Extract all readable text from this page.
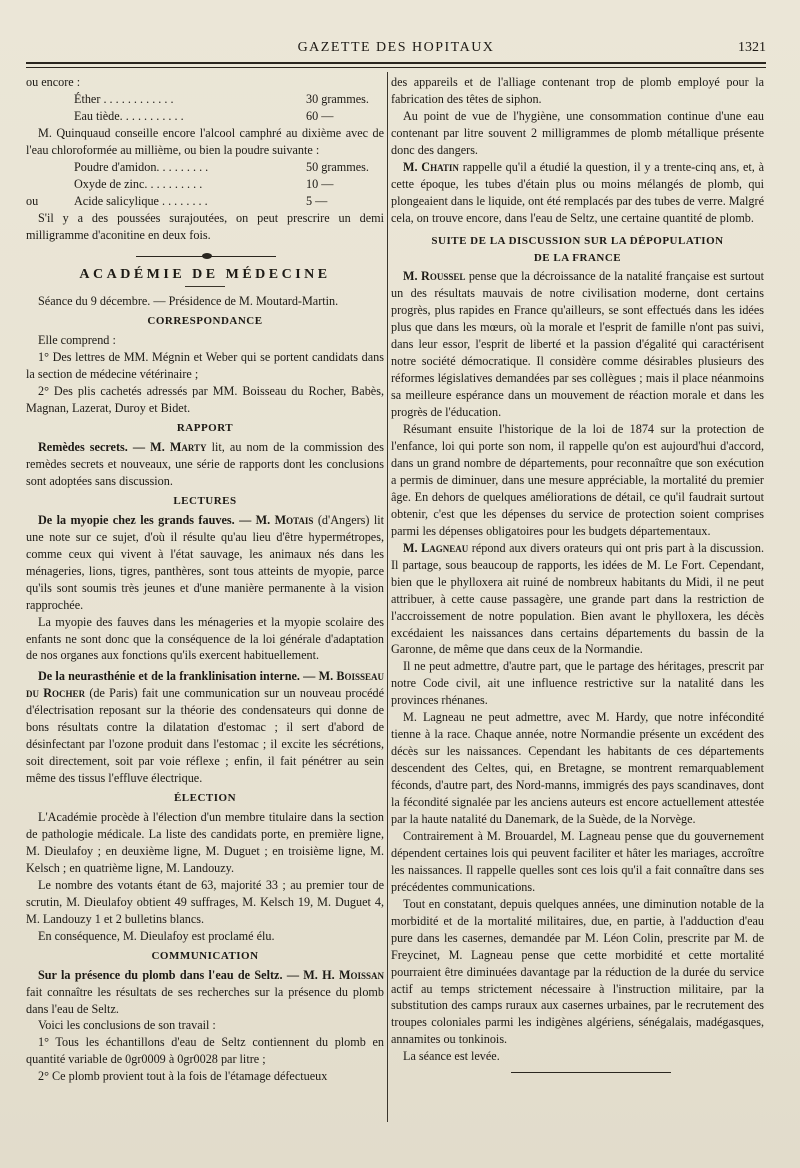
GAZETTE DES HOPITAUX	1321

ou encore :

Éther . . . . . . . . . . . .	30 grammes.
Eau tiède. . . . . . . . . . .	60 —

M. Quinquaud conseille encore l'alcool camphré au dixième avec de l'eau chloroformée au millième, ou bien la poudre suivante :

Poudre d'amidon. . . . . . . . .	50 grammes.
Oxyde de zinc. . . . . . . . . .	10 —
ou	Acide salicylique . . . . . . . .	5 —

S'il y a des poussées surajoutées, on peut prescrire un demi milligramme d'aconitine en deux fois.

ACADÉMIE DE MÉDECINE

Séance du 9 décembre. — Présidence de M. Moutard-Martin.

CORRESPONDANCE

Elle comprend :

1° Des lettres de MM. Mégnin et Weber qui se portent candidats dans la section de médecine vétérinaire ;

2° Des plis cachetés adressés par MM. Boisseau du Rocher, Babès, Magnan, Lazerat, Duroy et Bidet.

RAPPORT

Remèdes secrets. — M. Marty lit, au nom de la commission des remèdes secrets et nouveaux, une série de rapports dont les conclusions sont adoptées sans discussion.

LECTURES

De la myopie chez les grands fauves. — M. Motais (d'Angers) lit une note sur ce sujet, d'où il résulte qu'au lieu d'être hypermétropes, comme ceux qui vivent à l'état sauvage, les animaux nés dans les ménageries, lions, tigres, panthères, sont tous atteints de myopie, parce qu'ils sont soumis très jeunes et d'une manière permanente à la vision rapprochée.

La myopie des fauves dans les ménageries et la myopie scolaire des enfants ne sont donc que la conséquence de la loi générale d'adaptation de nos organes aux fonctions qu'ils exercent habituellement.

De la neurasthénie et de la franklinisation interne. — M. Boisseau du Rocher (de Paris) fait une communication sur un nouveau procédé d'électrisation reposant sur la théorie des condensateurs qui donne de bons résultats contre la dilatation d'estomac ; il sert d'abord de désinfectant par l'ozone produit dans l'estomac ; il excite les sécrétions, soit directement, soit par voie réflexe ; enfin, il fait pénétrer au sein même des tissus l'effluve électrique.

ÉLECTION

L'Académie procède à l'élection d'un membre titulaire dans la section de pathologie médicale. La liste des candidats porte, en première ligne, M. Dieulafoy ; en deuxième ligne, M. Duguet ; en troisième ligne, M. Kelsch ; en quatrième ligne, M. Landouzy.

Le nombre des votants étant de 63, majorité 33 ; au premier tour de scrutin, M. Dieulafoy obtient 49 suffrages, M. Kelsch 19, M. Duguet 4, M. Landouzy 1 et 2 bulletins blancs.

En conséquence, M. Dieulafoy est proclamé élu.

COMMUNICATION

Sur la présence du plomb dans l'eau de Seltz. — M. H. Moissan fait connaître les résultats de ses recherches sur la présence du plomb dans l'eau de Seltz.

Voici les conclusions de son travail :

1° Tous les échantillons d'eau de Seltz contiennent du plomb en quantité variable de 0gr0009 à 0gr0028 par litre ;

2° Ce plomb provient tout à la fois de l'étamage défectueux

des appareils et de l'alliage contenant trop de plomb employé pour la fabrication des têtes de siphon.

Au point de vue de l'hygiène, une consommation continue d'une eau contenant par litre souvent 2 milligrammes de plomb métallique présente donc des dangers.

M. Chatin rappelle qu'il a étudié la question, il y a trente-cinq ans, et, à cette époque, les tubes d'étain plus ou moins mélangés de plomb, qui plongeaient dans le liquide, ont été remplacés par des tubes de verre. Malgré cela, on trouve encore, dans l'eau de Seltz, une certaine quantité de plomb.

SUITE DE LA DISCUSSION SUR LA DÉPOPULATION
DE LA FRANCE

M. Roussel pense que la décroissance de la natalité française est surtout un des résultats mauvais de notre civilisation moderne, dont certains progrès, plus rapides en France qu'ailleurs, se sont effectués dans les idées plus que dans les mœurs, où la morale et l'esprit de famille n'ont pas suivi, dans leur essor, l'esprit de liberté et la passion d'égalité qui caractérisent notre société démocratique. Il considère comme désirables plusieurs des réformes législatives demandées par ses collègues ; mais il place néanmoins sa meilleure espérance dans un mouvement de réaction morale et dans les progrès de l'éducation.

Résumant ensuite l'historique de la loi de 1874 sur la protection de l'enfance, loi qui porte son nom, il rappelle qu'on est aujourd'hui d'accord, dans un grand nombre de départements, pour reconnaître que son exécution a permis de diminuer, dans une mesure appréciable, la mortalité du premier âge. En dehors de quelques améliorations de détail, ce qu'il faudrait surtout obtenir, c'est que les dépenses du service de protection soient comprises parmi les dépenses obligatoires pour les budgets départementaux.

M. Lagneau répond aux divers orateurs qui ont pris part à la discussion. Il partage, sous beaucoup de rapports, les idées de M. Le Fort. Cependant, bien que le phylloxera ait ruiné de nombreux habitants du Midi, il ne peut attribuer, à cette cause passagère, une grande part dans la restriction de l'accroissement de notre population. Bien avant le phylloxera, les décès excédaient les naissances dans certains départements du bassin de la Garonne, de même que dans ceux de la Normandie.

Il ne peut admettre, d'autre part, que le partage des héritages, prescrit par notre Code civil, ait une influence restrictive sur la natalité dans les provinces rhénanes.

M. Lagneau ne peut admettre, avec M. Hardy, que notre infécondité tienne à la race. Chaque année, notre Normandie présente un excédent des décès sur les naissances. Cependant les habitants de ces départements descendent des Celtes, qui, en Bretagne, se montrent remarquablement féconds, d'autre part, des Nord-manns, immigrés des pays scandinaves, dont la fécondité signalée par les anciens auteurs est encore actuellement attestée par la haute natalité du Danemark, de la Suède, de la Norvège.

Contrairement à M. Brouardel, M. Lagneau pense que du gouvernement dépendent certaines lois qui peuvent faciliter et hâter les mariages, accroître les naissances. Il rappelle quelles sont ces lois qu'il a fait connaître dans ses précédentes communications.

Tout en constatant, depuis quelques années, une diminution notable de la morbidité et de la mortalité militaires, due, en partie, à l'adduction d'eau pure dans les casernes, demandée par M. Léon Colin, prescrite par M. de Freycinet, M. Lagneau pense que cette morbidité et cette mortalité pourraient être diminuées davantage par la réduction de la durée du service actif au temps strictement nécessaire à l'instruction militaire, par la substitution des camps ruraux aux casernes urbaines, par le recrutement des troupes coloniales parmi les indigènes algériens, sénégalais, madégasques, annamites ou tonkinois.

La séance est levée.
